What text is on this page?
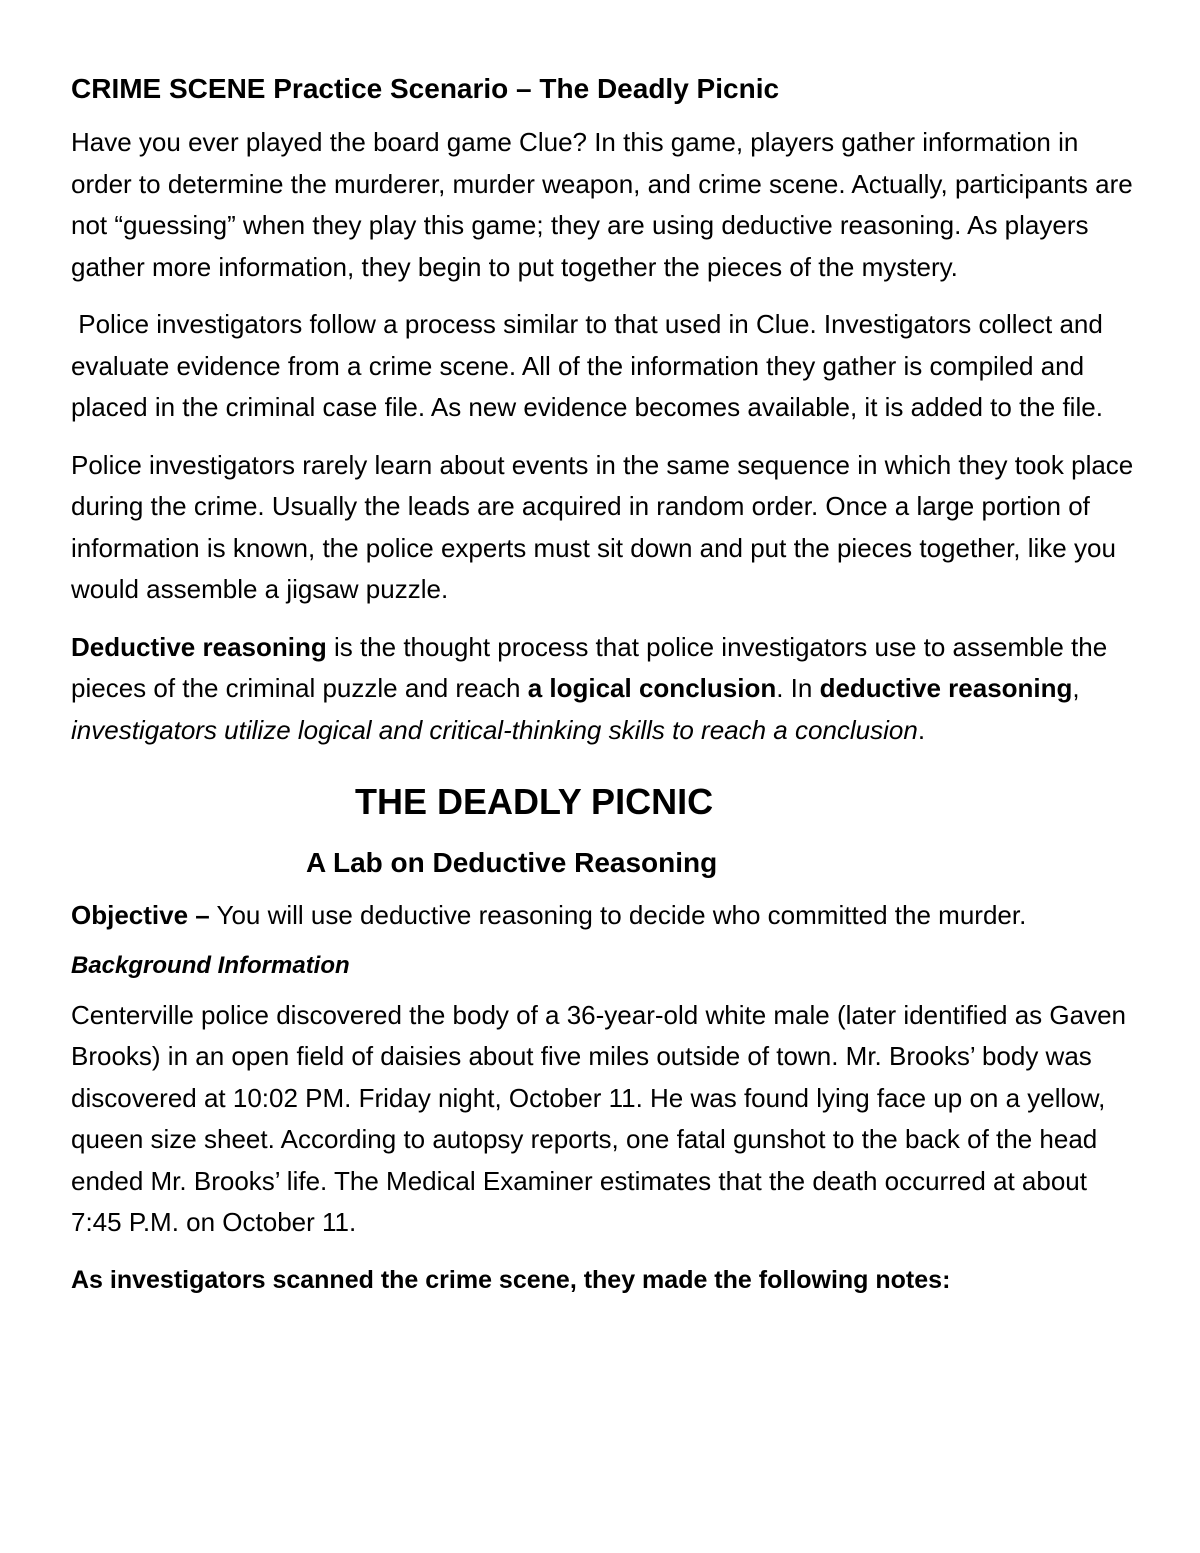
CRIME SCENE Practice Scenario – The Deadly Picnic

Have you ever played the board game Clue? In this game, players gather information in order to determine the murderer, murder weapon, and crime scene. Actually, participants are not “guessing” when they play this game; they are using deductive reasoning. As players gather more information, they begin to put together the pieces of the mystery.

Police investigators follow a process similar to that used in Clue. Investigators collect and evaluate evidence from a crime scene. All of the information they gather is compiled and placed in the criminal case file. As new evidence becomes available, it is added to the file.

Police investigators rarely learn about events in the same sequence in which they took place during the crime. Usually the leads are acquired in random order. Once a large portion of information is known, the police experts must sit down and put the pieces together, like you would assemble a jigsaw puzzle.

Deductive reasoning is the thought process that police investigators use to assemble the pieces of the criminal puzzle and reach a logical conclusion. In deductive reasoning, investigators utilize logical and critical-thinking skills to reach a conclusion.

THE DEADLY PICNIC
A Lab on Deductive Reasoning
Objective – You will use deductive reasoning to decide who committed the murder.
Background Information

Centerville police discovered the body of a 36-year-old white male (later identified as Gaven Brooks) in an open field of daisies about five miles outside of town. Mr. Brooks’ body was discovered at 10:02 PM. Friday night, October 11. He was found lying face up on a yellow, queen size sheet. According to autopsy reports, one fatal gunshot to the back of the head ended Mr. Brooks’ life. The Medical Examiner estimates that the death occurred at about 7:45 P.M. on October 11.

As investigators scanned the crime scene, they made the following notes:
